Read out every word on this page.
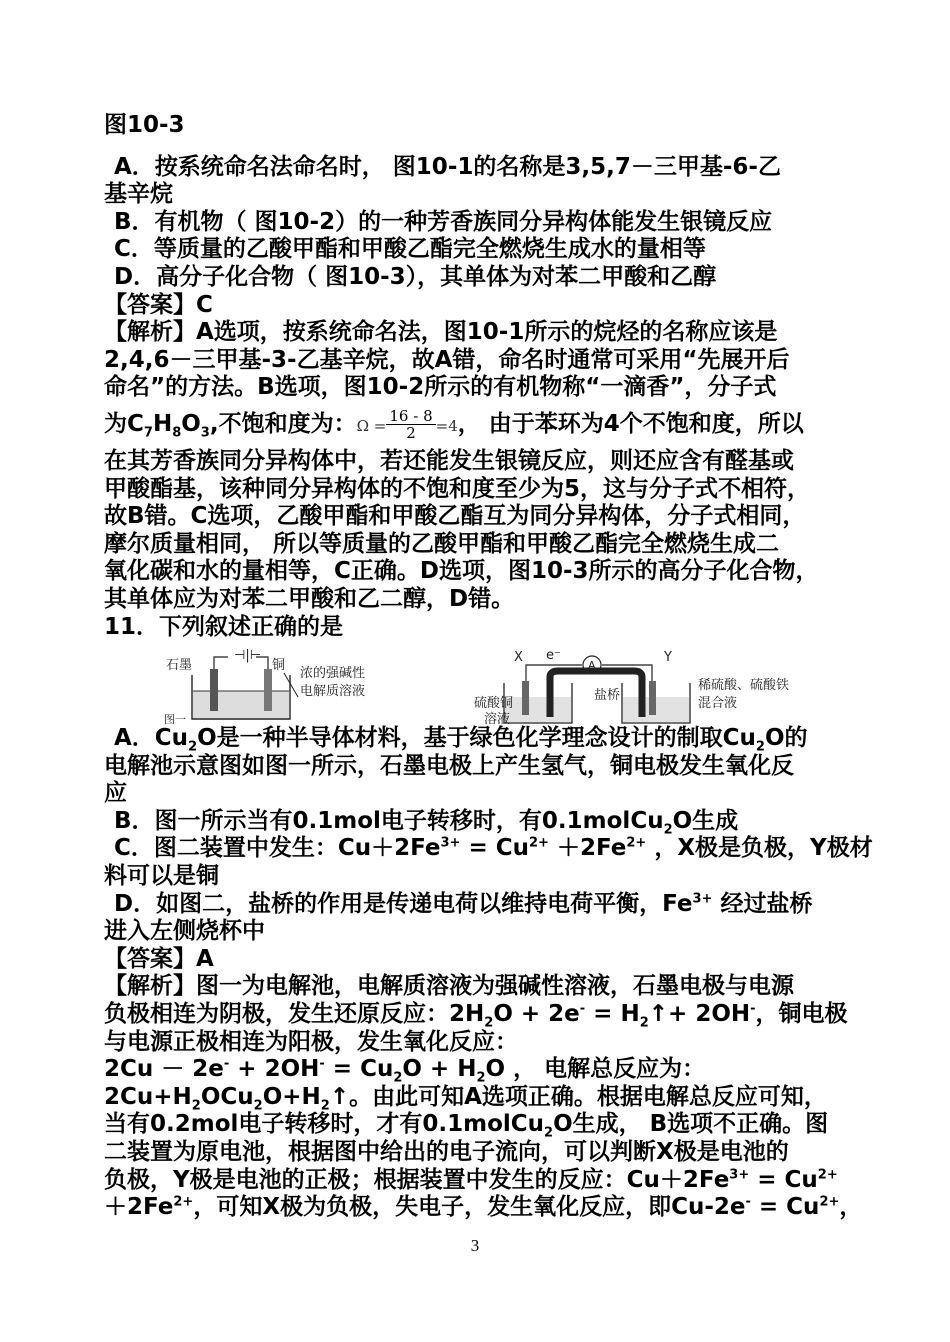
图10-3

A．按系统命名法命名时， 图10-1的名称是3,5,7－三甲基-6-乙

基辛烷

B．有机物（ 图10-2）的一种芳香族同分异构体能发生银镜反应

C．等质量的乙酸甲酯和甲酸乙酯完全燃烧生成水的量相等

D．高分子化合物（ 图10-3），其单体为对苯二甲酸和乙醇

【答案】C

【解析】A选项，按系统命名法，图10-1所示的烷烃的名称应该是

2,4,6－三甲基-3-乙基辛烷，故A错，命名时通常可采用“先展开后

命名”的方法。B选项，图10-2所示的有机物称“一滴香”，分子式

为$C_7H_8O_3$,不饱和度为：$\Omega = \frac{16 - 8}{2} =4$， 由于苯环为4个不饱和度，所以

在其芳香族同分异构体中，若还能发生银镜反应，则还应含有醛基或

甲酸酯基，该种同分异构体的不饱和度至少为5，这与分子式不相符，

故B错。C选项，乙酸甲酯和甲酸乙酯互为同分异构体，分子式相同，

摩尔质量相同， 所以等质量的乙酸甲酯和甲酸乙酯完全燃烧生成二

氧化碳和水的量相等，C正确。D选项，图10-3所示的高分子化合物，

其单体应为对苯二甲酸和乙二醇，D错。

11．下列叙述正确的是

石墨	铜
⊣|⊢
浓的强碱性
电解质溶液
图一
X	Y
e⁻
A
盐桥
硫酸铜
溶液
稀硫酸、硫酸铁
混合液

A．$Cu_2O$是一种半导体材料，基于绿色化学理念设计的制取$Cu_2O$的

电解池示意图如图一所示，石墨电极上产生氢气，铜电极发生氧化反

应

B．图一所示当有0.1mol电子转移时，有0.1molCu$_2$O生成

C．图二装置中发生：$Cu+2Fe^{3+} = Cu^{2+} +2Fe^{2+}$ ，X极是负极，Y极材

料可以是铜

D．如图二，盐桥的作用是传递电荷以维持电荷平衡，$Fe^{3+}$ 经过盐桥

进入左侧烧杯中

【答案】A

【解析】图一为电解池，电解质溶液为强碱性溶液，石墨电极与电源

负极相连为阴极，发生还原反应：$2H_2O + 2e^-$ = $H_2↑+ 2OH^-$，铜电极

与电源正极相连为阳极，发生氧化反应：

$2Cu - 2e^- + 2OH^- = Cu_2O + H_2O$ ， 电解总反应为：

$2Cu+H_2OCu_2O+H_2↑$。由此可知A选项正确。根据电解总反应可知，

当有0.2mol电子转移时，才有0.1molCu$_2$O生成， B选项不正确。图

二装置为原电池，根据图中给出的电子流向，可以判断X极是电池的

负极，Y极是电池的正极；根据装置中发生的反应：$Cu+2Fe^{3+} = Cu^{2+}$

$+2Fe^{2+}$，可知X极为负极，失电子，发生氧化反应，即$Cu-2e^- = Cu^{2+}$，

3
